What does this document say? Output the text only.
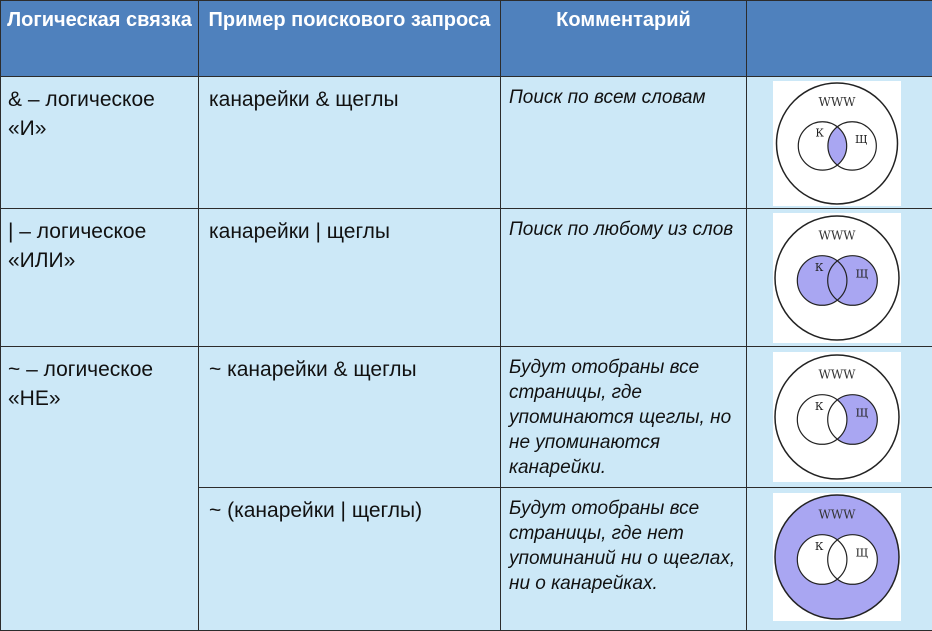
Логическая связка	Пример поискового запроса	Комментарий	
& – логическое «И»	канарейки & щеглы	Поиск по всем словам	WWW
К Щ

| – логическое «ИЛИ»	канарейки | щеглы	Поиск по любому из слов	WWW
К Щ

~ – логическое «НЕ»	~ канарейки & щеглы	Будут отобраны все страницы, где упоминаются щеглы, но не упоминаются канарейки.	WWW
К Щ

	~ (канарейки | щеглы)	Будут отобраны все страницы, где нет упоминаний ни о щеглах, ни о канарейках.	WWW
К Щ
